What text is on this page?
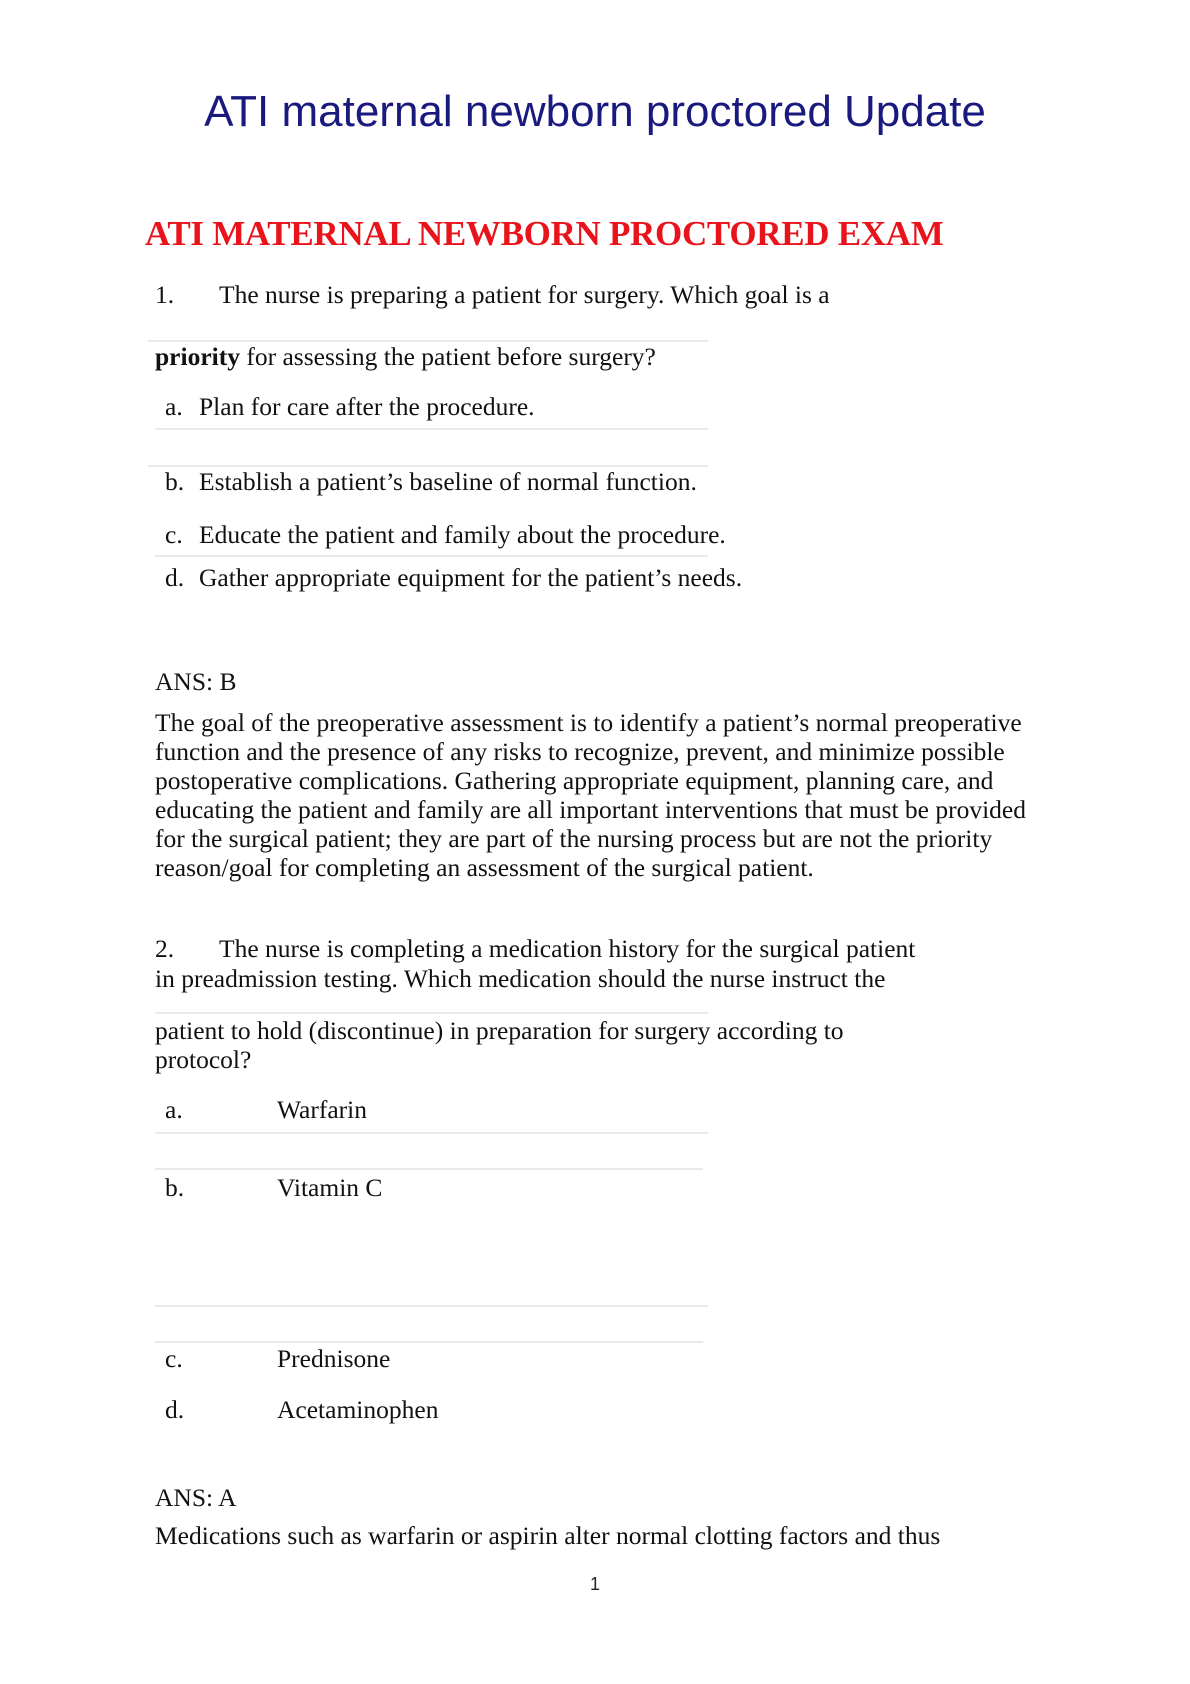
ATI maternal newborn proctored Update
ATI MATERNAL NEWBORN PROCTORED EXAM
1. The nurse is preparing a patient for surgery. Which goal is a
priority for assessing the patient before surgery?
a. Plan for care after the procedure.
b. Establish a patient’s baseline of normal function.
c. Educate the patient and family about the procedure.
d. Gather appropriate equipment for the patient’s needs.
ANS: B
The goal of the preoperative assessment is to identify a patient’s normal preoperative function and the presence of any risks to recognize, prevent, and minimize possible postoperative complications. Gathering appropriate equipment, planning care, and educating the patient and family are all important interventions that must be provided for the surgical patient; they are part of the nursing process but are not the priority reason/goal for completing an assessment of the surgical patient.
2. The nurse is completing a medication history for the surgical patient
in preadmission testing. Which medication should the nurse instruct the
patient to hold (discontinue) in preparation for surgery according to
protocol?
a.	Warfarin
b.	Vitamin C
c.	Prednisone
d.	Acetaminophen
ANS: A
Medications such as warfarin or aspirin alter normal clotting factors and thus
1
